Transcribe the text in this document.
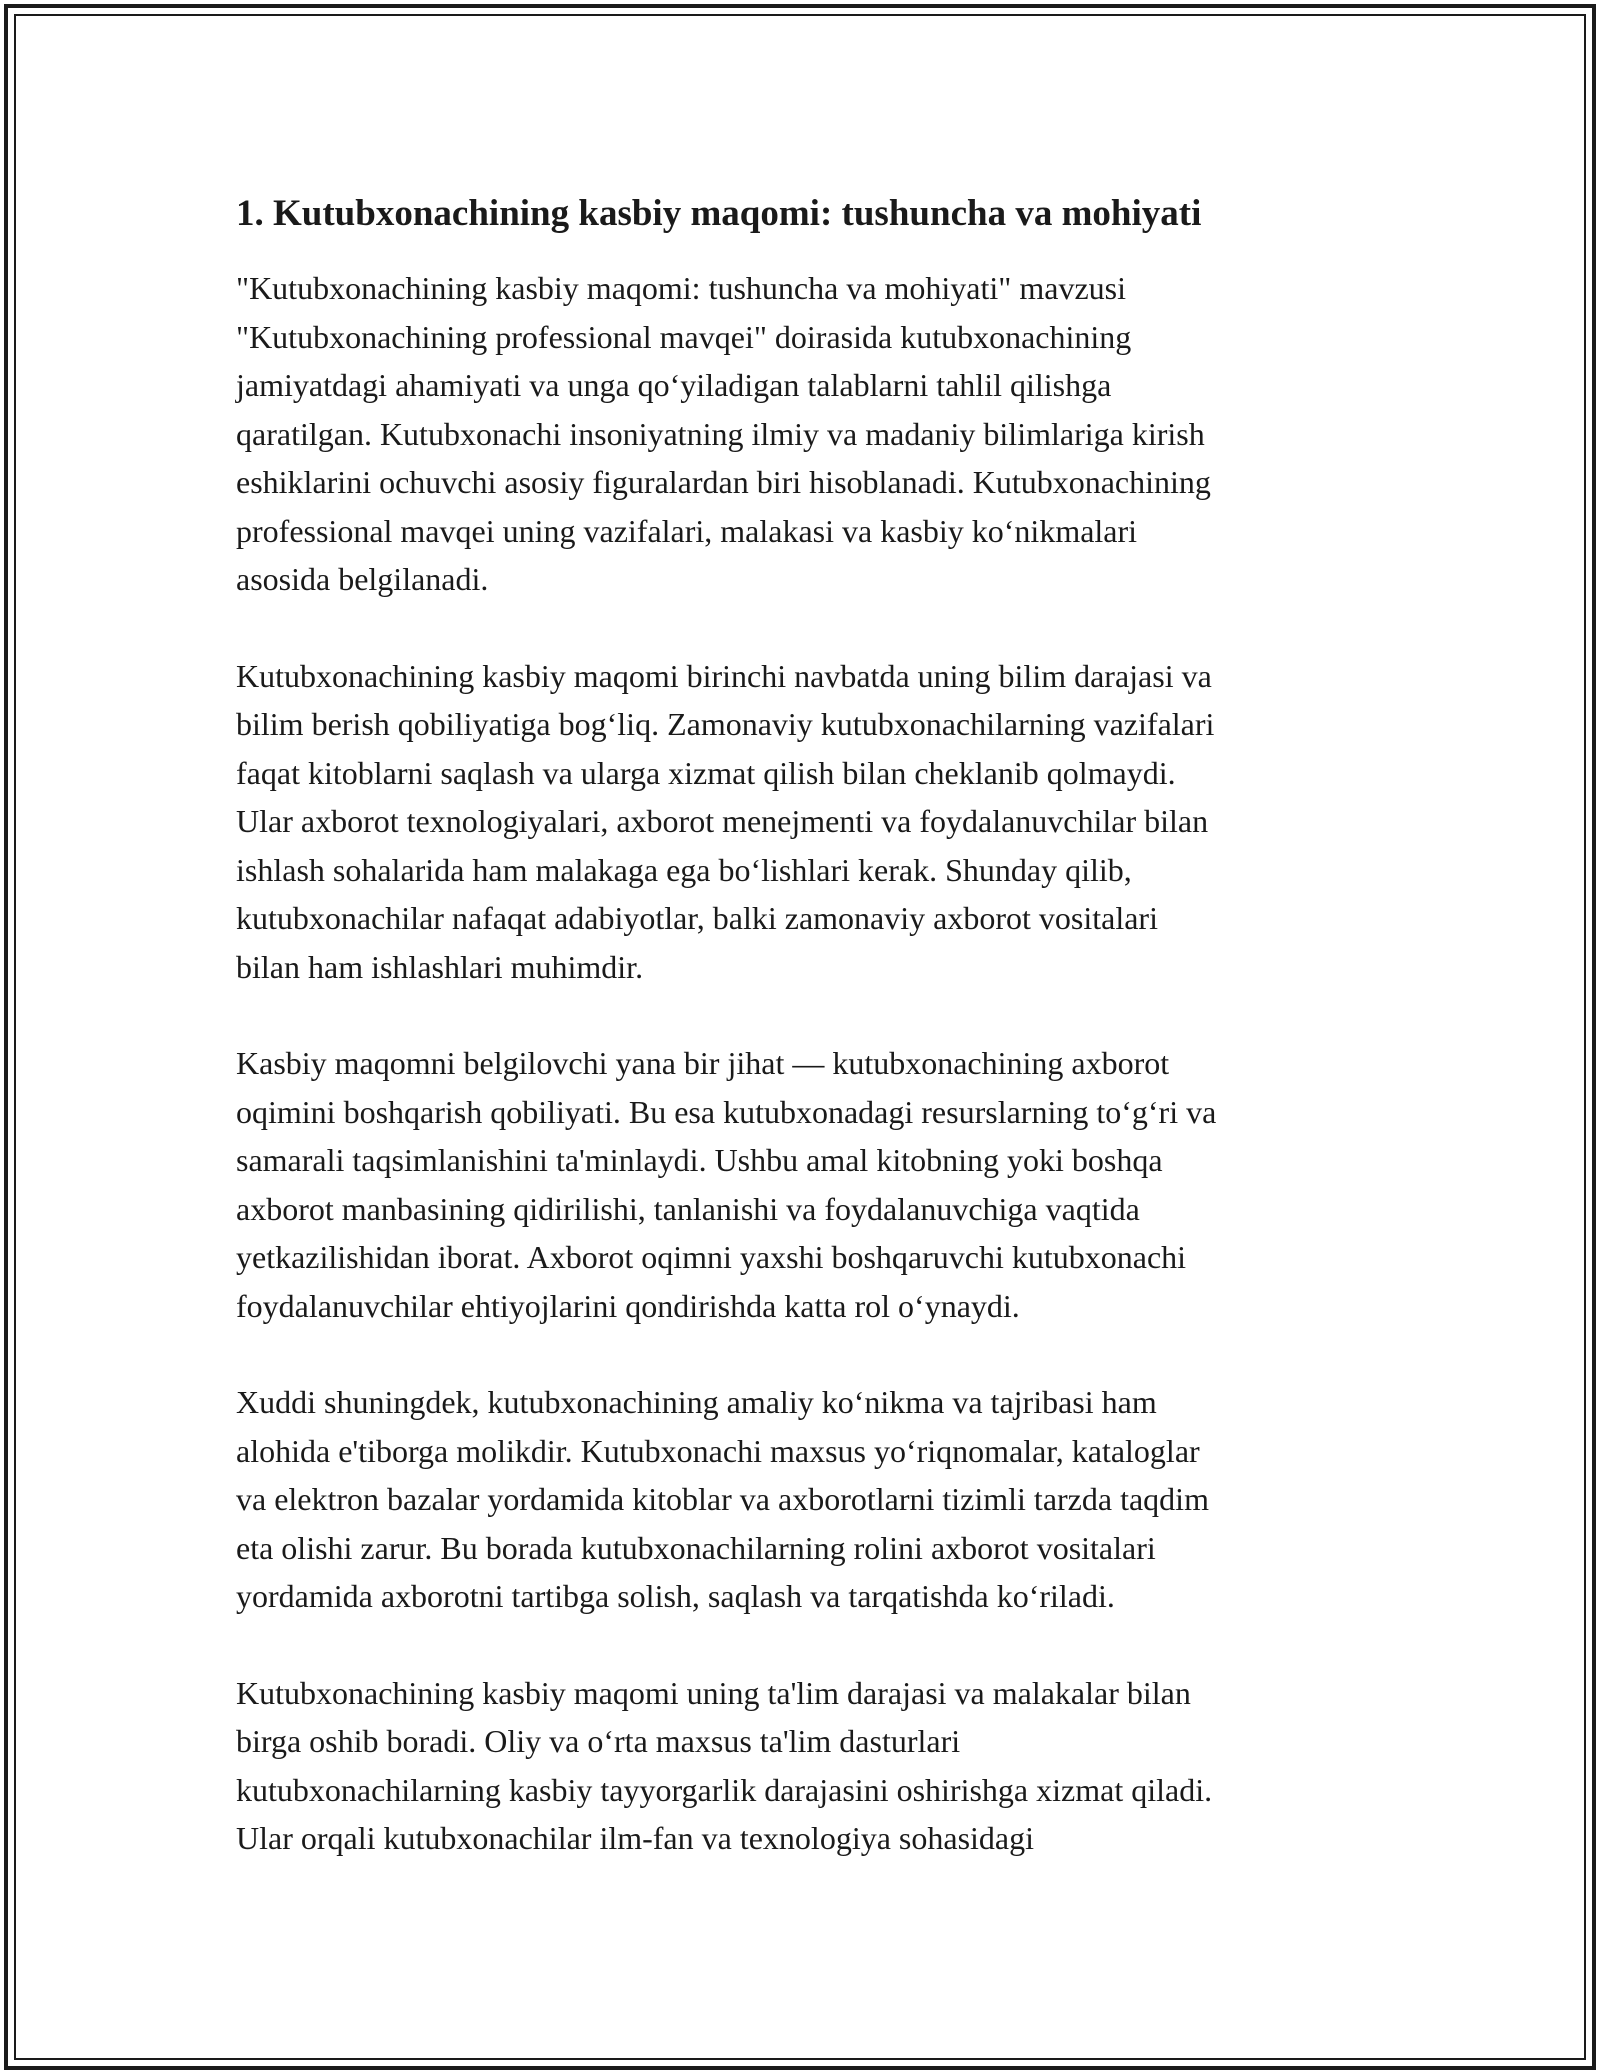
1. Kutubxonachining kasbiy maqomi: tushuncha va mohiyati

"Kutubxonachining kasbiy maqomi: tushuncha va mohiyati" mavzusi
"Kutubxonachining professional mavqei" doirasida kutubxonachining
jamiyatdagi ahamiyati va unga qo‘yiladigan talablarni tahlil qilishga
qaratilgan. Kutubxonachi insoniyatning ilmiy va madaniy bilimlariga kirish
eshiklarini ochuvchi asosiy figuralardan biri hisoblanadi. Kutubxonachining
professional mavqei uning vazifalari, malakasi va kasbiy ko‘nikmalari
asosida belgilanadi.

Kutubxonachining kasbiy maqomi birinchi navbatda uning bilim darajasi va
bilim berish qobiliyatiga bog‘liq. Zamonaviy kutubxonachilarning vazifalari
faqat kitoblarni saqlash va ularga xizmat qilish bilan cheklanib qolmaydi.
Ular axborot texnologiyalari, axborot menejmenti va foydalanuvchilar bilan
ishlash sohalarida ham malakaga ega bo‘lishlari kerak. Shunday qilib,
kutubxonachilar nafaqat adabiyotlar, balki zamonaviy axborot vositalari
bilan ham ishlashlari muhimdir.

Kasbiy maqomni belgilovchi yana bir jihat — kutubxonachining axborot
oqimini boshqarish qobiliyati. Bu esa kutubxonadagi resurslarning to‘g‘ri va
samarali taqsimlanishini ta'minlaydi. Ushbu amal kitobning yoki boshqa
axborot manbasining qidirilishi, tanlanishi va foydalanuvchiga vaqtida
yetkazilishidan iborat. Axborot oqimni yaxshi boshqaruvchi kutubxonachi
foydalanuvchilar ehtiyojlarini qondirishda katta rol o‘ynaydi.

Xuddi shuningdek, kutubxonachining amaliy ko‘nikma va tajribasi ham
alohida e'tiborga molikdir. Kutubxonachi maxsus yo‘riqnomalar, kataloglar
va elektron bazalar yordamida kitoblar va axborotlarni tizimli tarzda taqdim
eta olishi zarur. Bu borada kutubxonachilarning rolini axborot vositalari
yordamida axborotni tartibga solish, saqlash va tarqatishda ko‘riladi.

Kutubxonachining kasbiy maqomi uning ta'lim darajasi va malakalar bilan
birga oshib boradi. Oliy va o‘rta maxsus ta'lim dasturlari
kutubxonachilarning kasbiy tayyorgarlik darajasini oshirishga xizmat qiladi.
Ular orqali kutubxonachilar ilm-fan va texnologiya sohasidagi
